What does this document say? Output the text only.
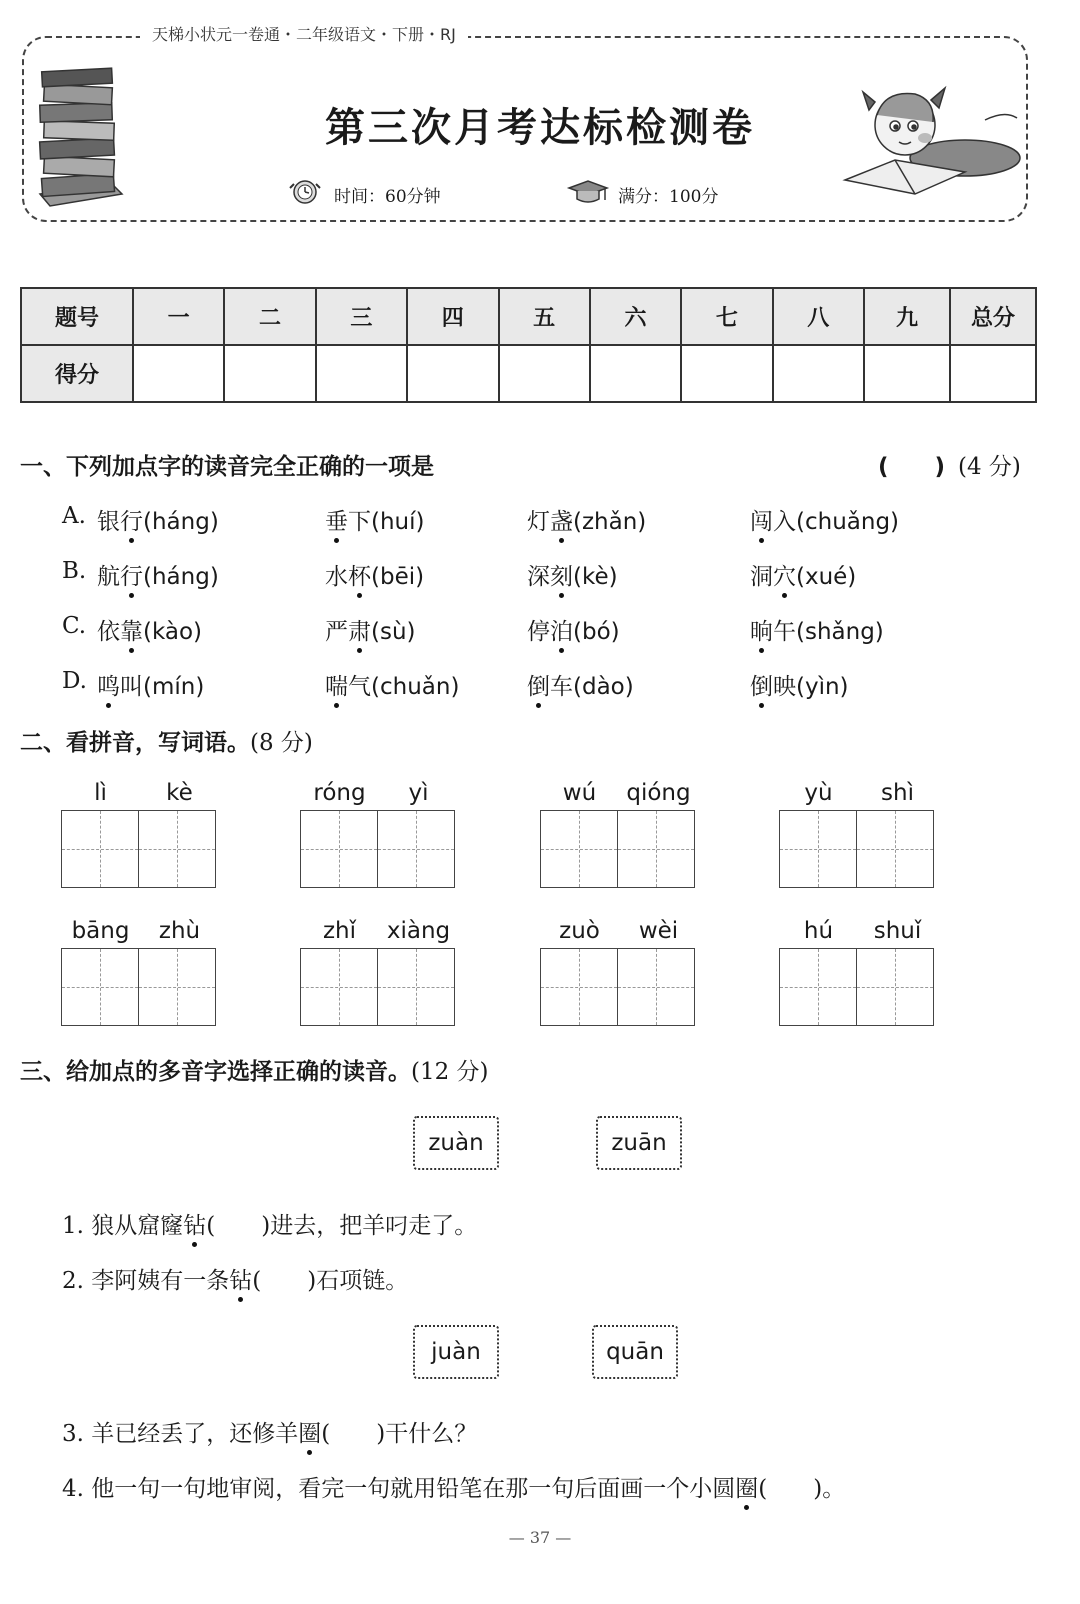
天梯小状元一卷通・二年级语文・下册・RJ
第三次月考达标检测卷
时间：60分钟	满分：100分
题号	一	二	三	四	五	六	七	八	九	总分
得分										
一、下列加点字的读音完全正确的一项是	(　　) (4 分)
A. 银行(háng)	垂下(huí)	灯盏(zhǎn)	闯入(chuǎng)
B. 航行(háng)	水杯(bēi)	深刻(kè)	洞穴(xué)
C. 依靠(kào)	严肃(sù)	停泊(bó)	晌午(shǎng)
D. 鸣叫(mín)	喘气(chuǎn)	倒车(dào)	倒映(yìn)
二、看拼音，写词语。(8 分)
lì	kè	róng	yì	wú	qióng	yù	shì
bāng	zhù	zhǐ	xiàng	zuò	wèi	hú	shuǐ
三、给加点的多音字选择正确的读音。(12 分)
zuàn	zuān
1. 狼从窟窿钻(　　)进去，把羊叼走了。
2. 李阿姨有一条钻(　　)石项链。
juàn	quān
3. 羊已经丢了，还修羊圈(　　)干什么？
4. 他一句一句地审阅，看完一句就用铅笔在那一句后面画一个小圆圈(　　)。
— 37 —
